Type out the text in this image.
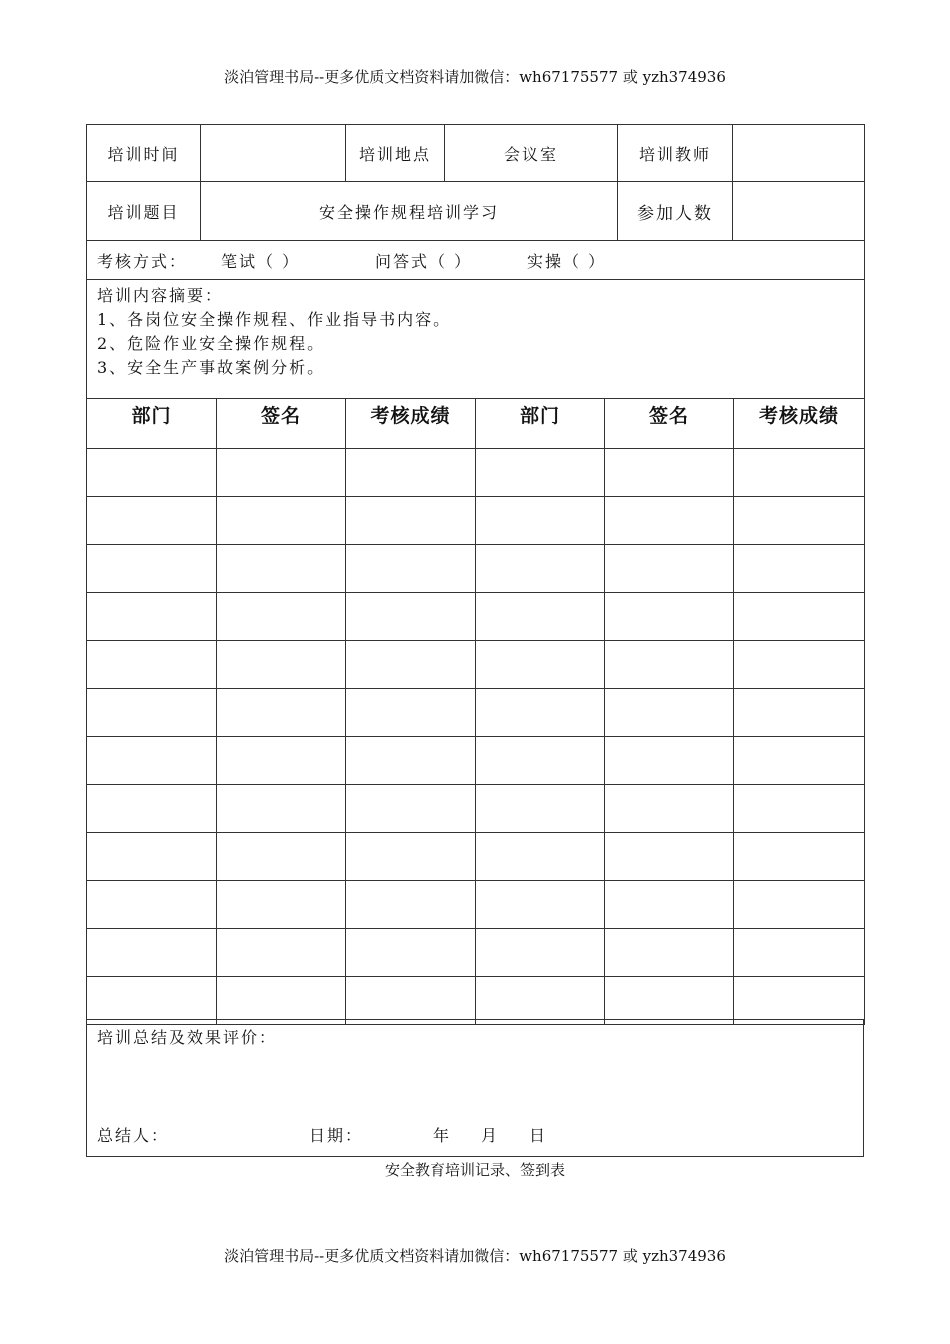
淡泊管理书局--更多优质文档资料请加微信：wh67175577 或 yzh374936
培训时间		培训地点	会议室	培训教师	
培训题目	安全操作规程培训学习			参加人数	
考核方式： 笔试（ ） 问答式（ ） 实操（ ）					

培训内容摘要：
1、各岗位安全操作规程、作业指导书内容。
2、危险作业安全操作规程。
3、安全生产事故案例分析。					
部门	签名	考核成绩	部门	签名	考核成绩

培训总结及效果评价：
总结人：	日期：	年 月 日
安全教育培训记录、签到表
淡泊管理书局--更多优质文档资料请加微信：wh67175577 或 yzh374936
